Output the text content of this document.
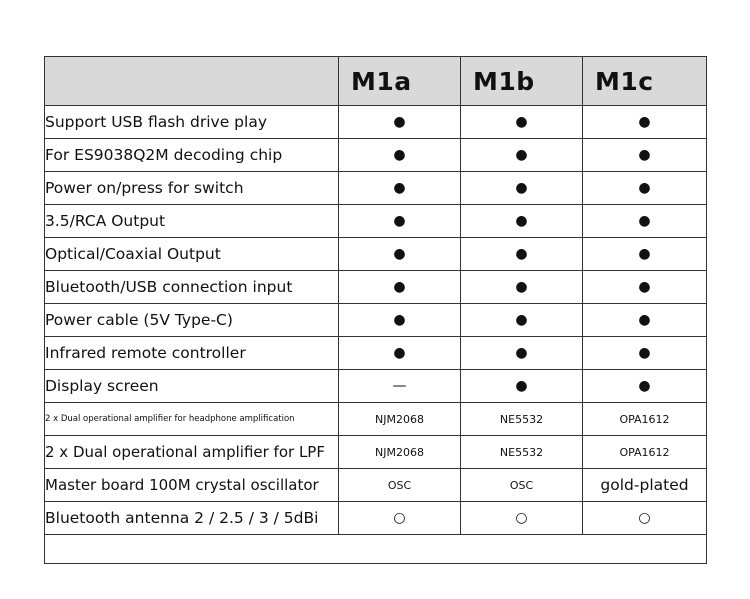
	M1a	M1b	M1c
Support USB flash drive play	●	●	●
For ES9038Q2M decoding chip	●	●	●
Power on/press for switch	●	●	●
3.5/RCA Output	●	●	●
Optical/Coaxial Output	●	●	●
Bluetooth/USB connection input	●	●	●
Power cable (5V Type-C)	●	●	●
Infrared remote controller	●	●	●
Display screen	—	●	●
2 x Dual operational amplifier for headphone amplification	NJM2068	NE5532	OPA1612
2 x Dual operational amplifier for LPF	NJM2068	NE5532	OPA1612
Master board 100M crystal oscillator	OSC	OSC	gold-plated
Bluetooth antenna 2 / 2.5 / 3 / 5dBi	○	○	○
